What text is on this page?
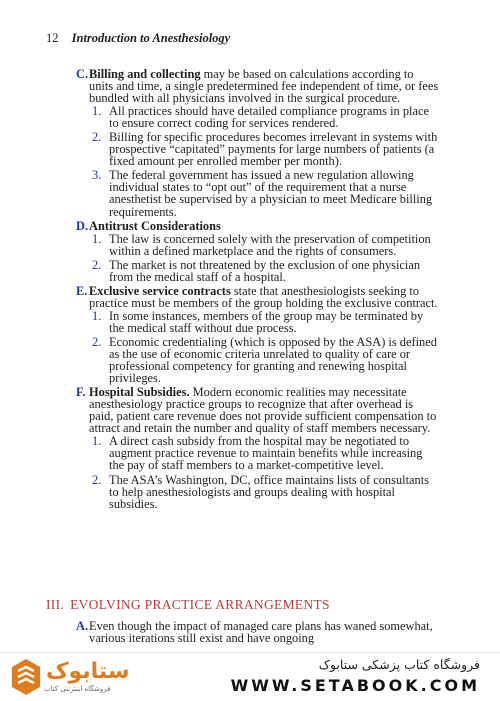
12 Introduction to Anesthesiology
C. Billing and collecting may be based on calculations according to units and time, a single predetermined fee independent of time, or fees bundled with all physicians involved in the surgical procedure.
1. All practices should have detailed compliance programs in place to ensure correct coding for services rendered.
2. Billing for specific procedures becomes irrelevant in systems with prospective “capitated” payments for large numbers of patients (a fixed amount per enrolled member per month).
3. The federal government has issued a new regulation allowing individual states to “opt out” of the requirement that a nurse anesthetist be supervised by a physician to meet Medicare billing requirements.
D. Antitrust Considerations
1. The law is concerned solely with the preservation of competition within a defined marketplace and the rights of consumers.
2. The market is not threatened by the exclusion of one physician from the medical staff of a hospital.
E. Exclusive service contracts state that anesthesiologists seeking to practice must be members of the group holding the exclusive contract.
1. In some instances, members of the group may be terminated by the medical staff without due process.
2. Economic credentialing (which is opposed by the ASA) is defined as the use of economic criteria unrelated to quality of care or professional competency for granting and renewing hospital privileges.
F. Hospital Subsidies. Modern economic realities may necessitate anesthesiology practice groups to recognize that after overhead is paid, patient care revenue does not provide sufficient compensation to attract and retain the number and quality of staff members necessary.
1. A direct cash subsidy from the hospital may be negotiated to augment practice revenue to maintain benefits while increasing the pay of staff members to a market-competitive level.
2. The ASA’s Washington, DC, office maintains lists of consultants to help anesthesiologists and groups dealing with hospital subsidies.
III. EVOLVING PRACTICE ARRANGEMENTS
A. Even though the impact of managed care plans has waned somewhat, various iterations still exist and have ongoing
ستابوک
فروشگاه اینترنتی کتاب
فروشگاه کتاب پزشکی ستابوک
WWW.SETABOOK.COM
